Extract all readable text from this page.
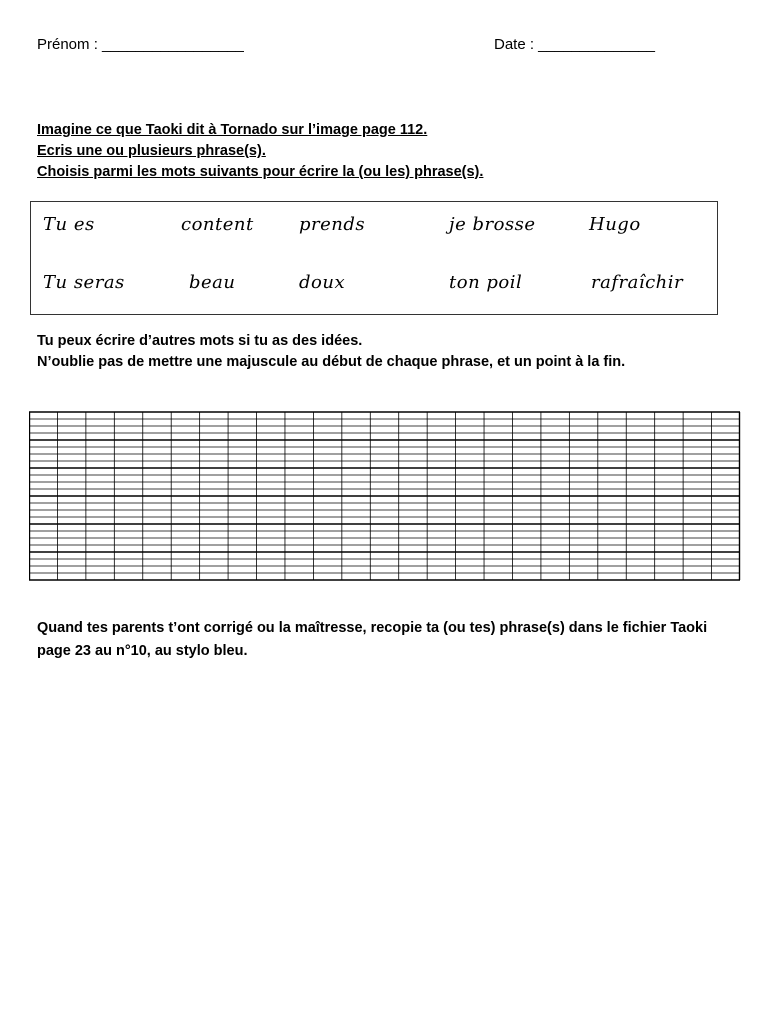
Prénom : _________________	Date : ______________
Imagine ce que Taoki dit à Tornado sur l’image page 112.
Ecris une ou plusieurs phrase(s).
Choisis parmi les mots suivants pour écrire la (ou les) phrase(s).
Tu es	content	prends	je brosse	Hugo
Tu seras	beau	doux	ton poil	rafraîchir
Tu peux écrire d’autres mots si tu as des idées.
N’oublie pas de mettre une majuscule au début de chaque phrase, et un point à la fin.
Quand tes parents t’ont corrigé ou la maîtresse, recopie ta (ou tes) phrase(s) dans le fichier Taoki page 23 au n°10, au stylo bleu.
